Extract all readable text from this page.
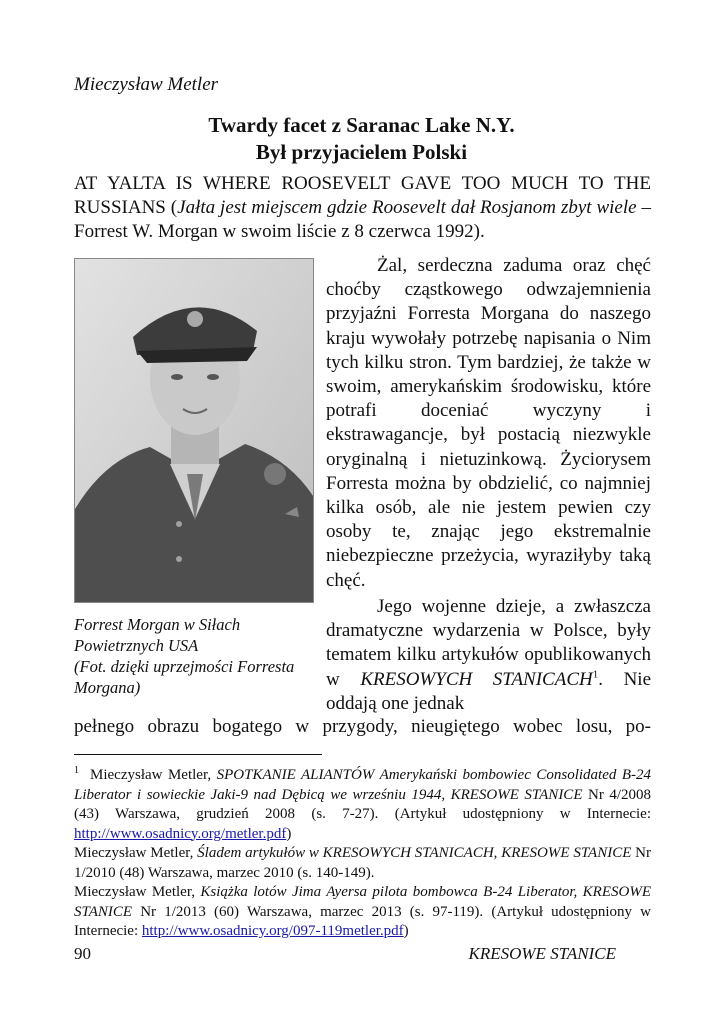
Mieczysław Metler
Twardy facet z Saranac Lake N.Y.
Był przyjacielem Polski
AT YALTA IS WHERE ROOSEVELT GAVE TOO MUCH TO THE RUSSIANS (Jałta jest miejscem gdzie Roosevelt dał Rosjanom zbyt wiele – Forrest W. Morgan w swoim liście z 8 czerwca 1992).
Forrest Morgan w Siłach Powietrznych USA
(Fot. dzięki uprzejmości Forresta Morgana)
Żal, serdeczna zaduma oraz chęć choćby cząstkowego odwzajemnienia przyjaźni Forresta Morgana do naszego kraju wywołały potrzebę napisania o Nim tych kilku stron. Tym bardziej, że także w swoim, amerykańskim środowisku, które potrafi doceniać wyczyny i ekstrawagancje, był postacią niezwykle oryginalną i nietuzinkową. Życiorysem Forresta można by obdzielić, co najmniej kilka osób, ale nie jestem pewien czy osoby te, znając jego ekstremalnie niebezpieczne przeżycia, wyraziłyby taką chęć.
Jego wojenne dzieje, a zwłaszcza dramatyczne wydarzenia w Polsce, były tematem kilku artykułów opublikowanych w KRESOWYCH STANICACH$^1$. Nie oddają one jednak
pełnego obrazu bogatego w przygody, nieugiętego wobec losu, po-

$^1$ Mieczysław Metler, SPOTKANIE ALIANTÓW Amerykański bombowiec Consolidated B-24 Liberator i sowieckie Jaki-9 nad Dębicą we wrześniu 1944, KRESOWE STANICE Nr 4/2008 (43) Warszawa, grudzień 2008 (s. 7-27). (Artykuł udostępniony w Internecie: http://www.osadnicy.org/metler.pdf)

Mieczysław Metler, Śladem artykułów w KRESOWYCH STANICACH, KRESOWE STANICE Nr 1/2010 (48) Warszawa, marzec 2010 (s. 140-149).

Mieczysław Metler, Książka lotów Jima Ayersa pilota bombowca B-24 Liberator, KRESOWE STANICE Nr 1/2013 (60) Warszawa, marzec 2013 (s. 97-119). (Artykuł udostępniony w Internecie: http://www.osadnicy.org/097-119metler.pdf)

90	KRESOWE STANICE
